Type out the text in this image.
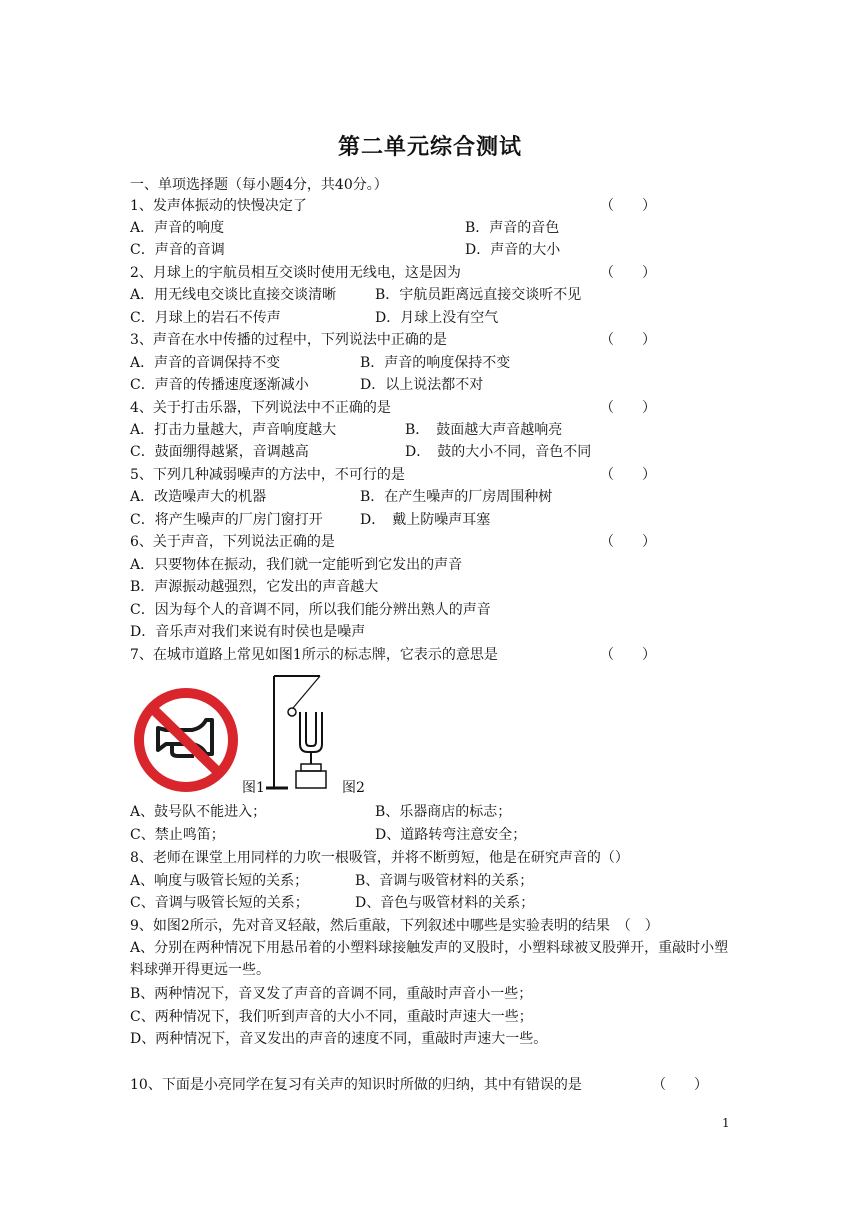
第二单元综合测试
一、单项选择题（每小题4分，共40分。）
1、发声体振动的快慢决定了	（　　）
A．声音的响度	B．声音的音色
C．声音的音调	D．声音的大小
2、月球上的宇航员相互交谈时使用无线电，这是因为	（　　）
A．用无线电交谈比直接交谈清晰	B．宇航员距离远直接交谈听不见
C．月球上的岩石不传声	D．月球上没有空气
3、声音在水中传播的过程中，下列说法中正确的是	（　　）
A．声音的音调保持不变	B．声音的响度保持不变
C．声音的传播速度逐渐减小	D．以上说法都不对
4、关于打击乐器，下列说法中不正确的是	（　　）
A．打击力量越大，声音响度越大	B．　鼓面越大声音越响亮
C．鼓面绷得越紧，音调越高	D．　鼓的大小不同，音色不同
5、下列几种减弱噪声的方法中，不可行的是	（　　）
A．改造噪声大的机器	B．在产生噪声的厂房周围种树
C．将产生噪声的厂房门窗打开	D．　戴上防噪声耳塞
6、关于声音，下列说法正确的是	（　　）
A．只要物体在振动，我们就一定能听到它发出的声音
B．声源振动越强烈，它发出的声音越大
C．因为每个人的音调不同，所以我们能分辨出熟人的声音
D．音乐声对我们来说有时侯也是噪声
7、在城市道路上常见如图1所示的标志牌，它表示的意思是	（　　）
图1	图2
A、鼓号队不能进入；	B、乐器商店的标志；
C、禁止鸣笛；	D、道路转弯注意安全；
8、老师在课堂上用同样的力吹一根吸管，并将不断剪短，他是在研究声音的（）
A、响度与吸管长短的关系；	B、音调与吸管材料的关系；
C、音调与吸管长短的关系；	D、音色与吸管材料的关系；
9、如图2所示，先对音叉轻敲，然后重敲，下列叙述中哪些是实验表明的结果　（　）
A、分别在两种情况下用悬吊着的小塑料球接触发声的叉股时，小塑料球被叉股弹开，重敲时小塑料球弹开得更远一些。
B、两种情况下，音叉发了声音的音调不同，重敲时声音小一些；
C、两种情况下，我们听到声音的大小不同，重敲时声速大一些；
D、两种情况下，音叉发出的声音的速度不同，重敲时声速大一些。
10、下面是小亮同学在复习有关声的知识时所做的归纳，其中有错误的是	（　　）
1
